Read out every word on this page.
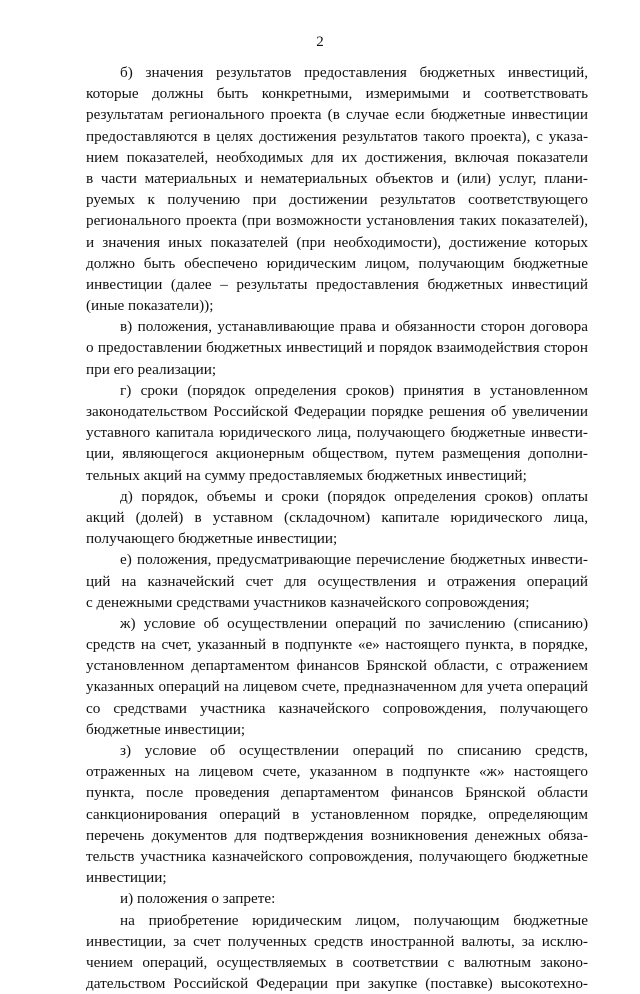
2
б) значения результатов предоставления бюджетных инвестиций,
которые должны быть конкретными, измеримыми и соответствовать
результатам регионального проекта (в случае если бюджетные инвестиции
предоставляются в целях достижения результатов такого проекта), с указа-
нием показателей, необходимых для их достижения, включая показатели
в части материальных и нематериальных объектов и (или) услуг, плани-
руемых к получению при достижении результатов соответствующего
регионального проекта (при возможности установления таких показателей),
и значения иных показателей (при необходимости), достижение которых
должно быть обеспечено юридическим лицом, получающим бюджетные
инвестиции (далее – результаты предоставления бюджетных инвестиций
(иные показатели));
в) положения, устанавливающие права и обязанности сторон договора
о предоставлении бюджетных инвестиций и порядок взаимодействия сторон
при его реализации;
г) сроки (порядок определения сроков) принятия в установленном
законодательством Российской Федерации порядке решения об увеличении
уставного капитала юридического лица, получающего бюджетные инвести-
ции, являющегося акционерным обществом, путем размещения дополни-
тельных акций на сумму предоставляемых бюджетных инвестиций;
д) порядок, объемы и сроки (порядок определения сроков) оплаты
акций (долей) в уставном (складочном) капитале юридического лица,
получающего бюджетные инвестиции;
е) положения, предусматривающие перечисление бюджетных инвести-
ций на казначейский счет для осуществления и отражения операций
с денежными средствами участников казначейского сопровождения;
ж) условие об осуществлении операций по зачислению (списанию)
средств на счет, указанный в подпункте «е» настоящего пункта, в порядке,
установленном департаментом финансов Брянской области, с отражением
указанных операций на лицевом счете, предназначенном для учета операций
со средствами участника казначейского сопровождения, получающего
бюджетные инвестиции;
з) условие об осуществлении операций по списанию средств,
отраженных на лицевом счете, указанном в подпункте «ж» настоящего
пункта, после проведения департаментом финансов Брянской области
санкционирования операций в установленном порядке, определяющим
перечень документов для подтверждения возникновения денежных обяза-
тельств участника казначейского сопровождения, получающего бюджетные
инвестиции;
и) положения о запрете:
на приобретение юридическим лицом, получающим бюджетные
инвестиции, за счет полученных средств иностранной валюты, за исклю-
чением операций, осуществляемых в соответствии с валютным законо-
дательством Российской Федерации при закупке (поставке) высокотехно-
